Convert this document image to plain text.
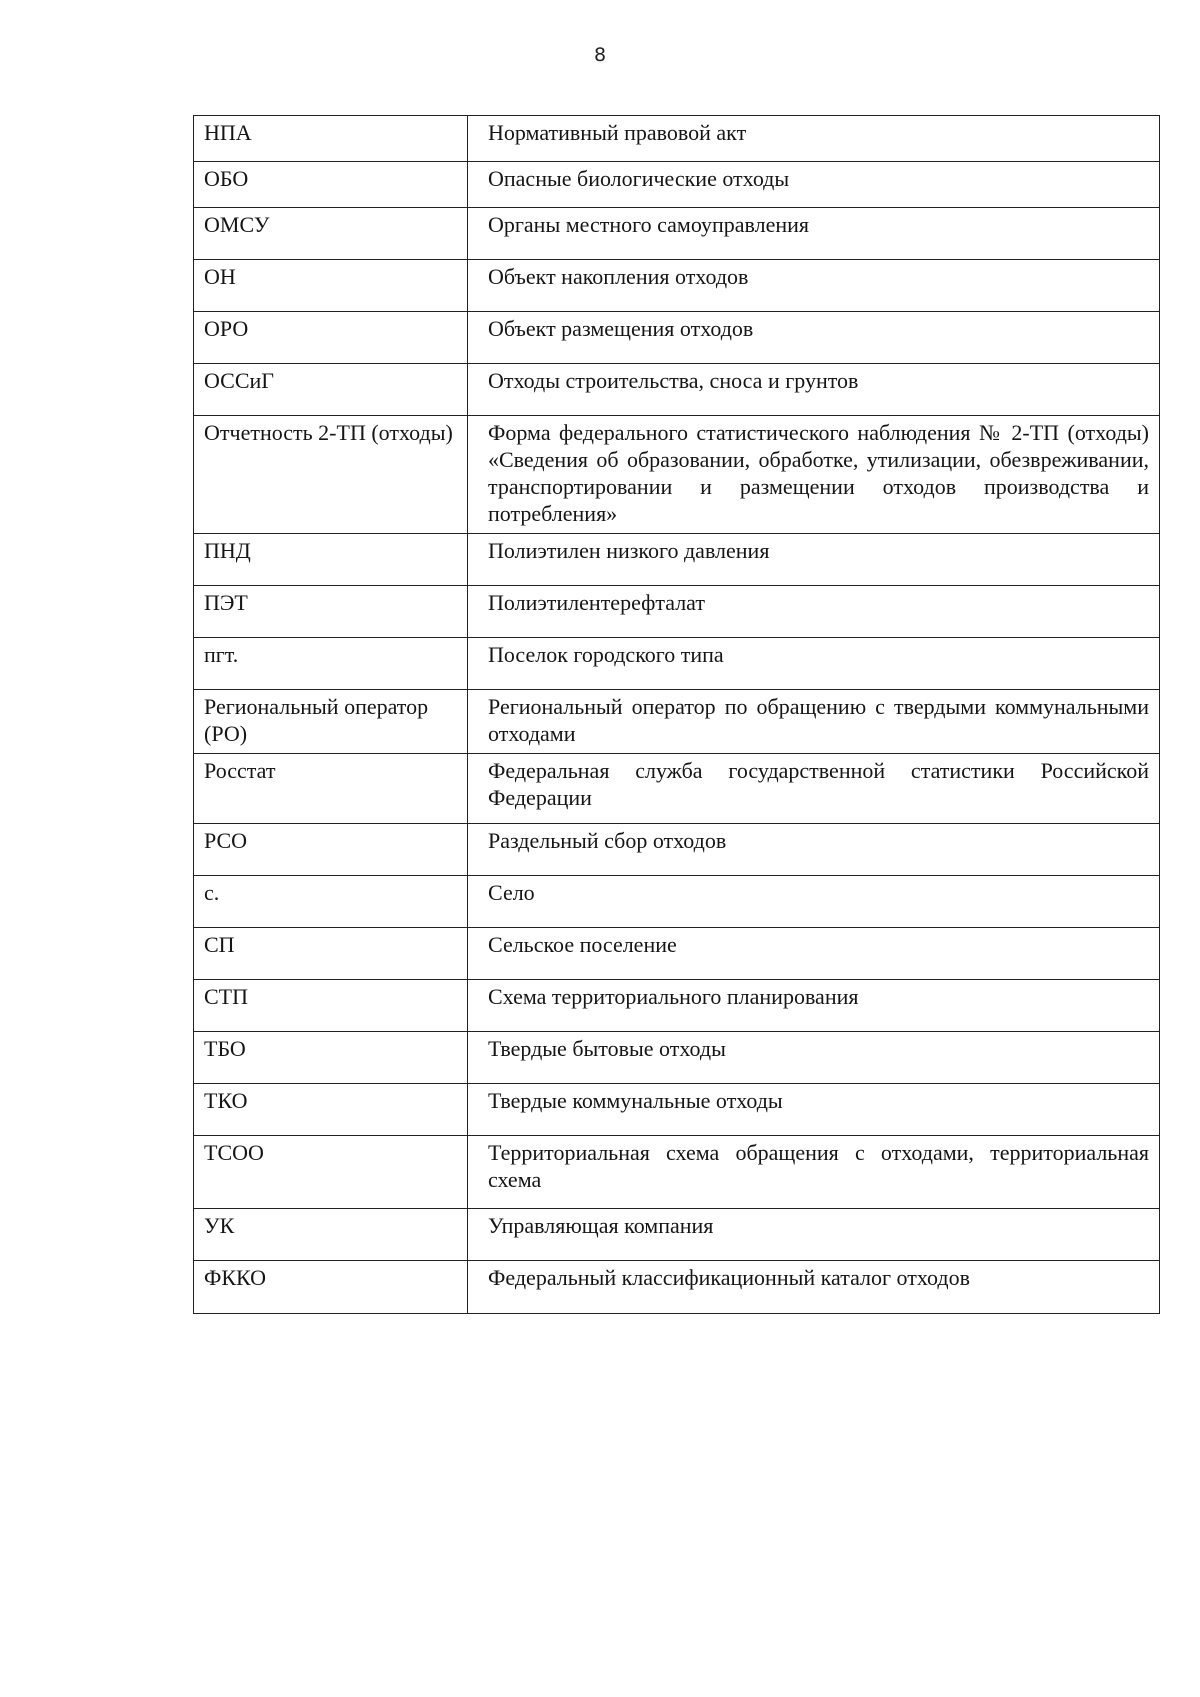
8
НПА	Нормативный правовой акт
ОБО	Опасные биологические отходы
ОМСУ	Органы местного самоуправления
ОН	Объект накопления отходов
ОРО	Объект размещения отходов
ОССиГ	Отходы строительства, сноса и грунтов
Отчетность 2-ТП (отходы)	Форма федерального статистического наблюдения № 2-ТП (отходы) «Сведения об образовании, обработке, утилизации, обезвреживании, транспортировании и размещении отходов производства и потребления»
ПНД	Полиэтилен низкого давления
ПЭТ	Полиэтилентерефталат
пгт.	Поселок городского типа
Региональный оператор (РО)	Региональный оператор по обращению с твердыми коммунальными отходами
Росстат	Федеральная служба государственной статистики Российской Федерации
РСО	Раздельный сбор отходов
с.	Село
СП	Сельское поселение
СТП	Схема территориального планирования
ТБО	Твердые бытовые отходы
ТКО	Твердые коммунальные отходы
ТСОО	Территориальная схема обращения с отходами, территориальная схема
УК	Управляющая компания
ФККО	Федеральный классификационный каталог отходов
